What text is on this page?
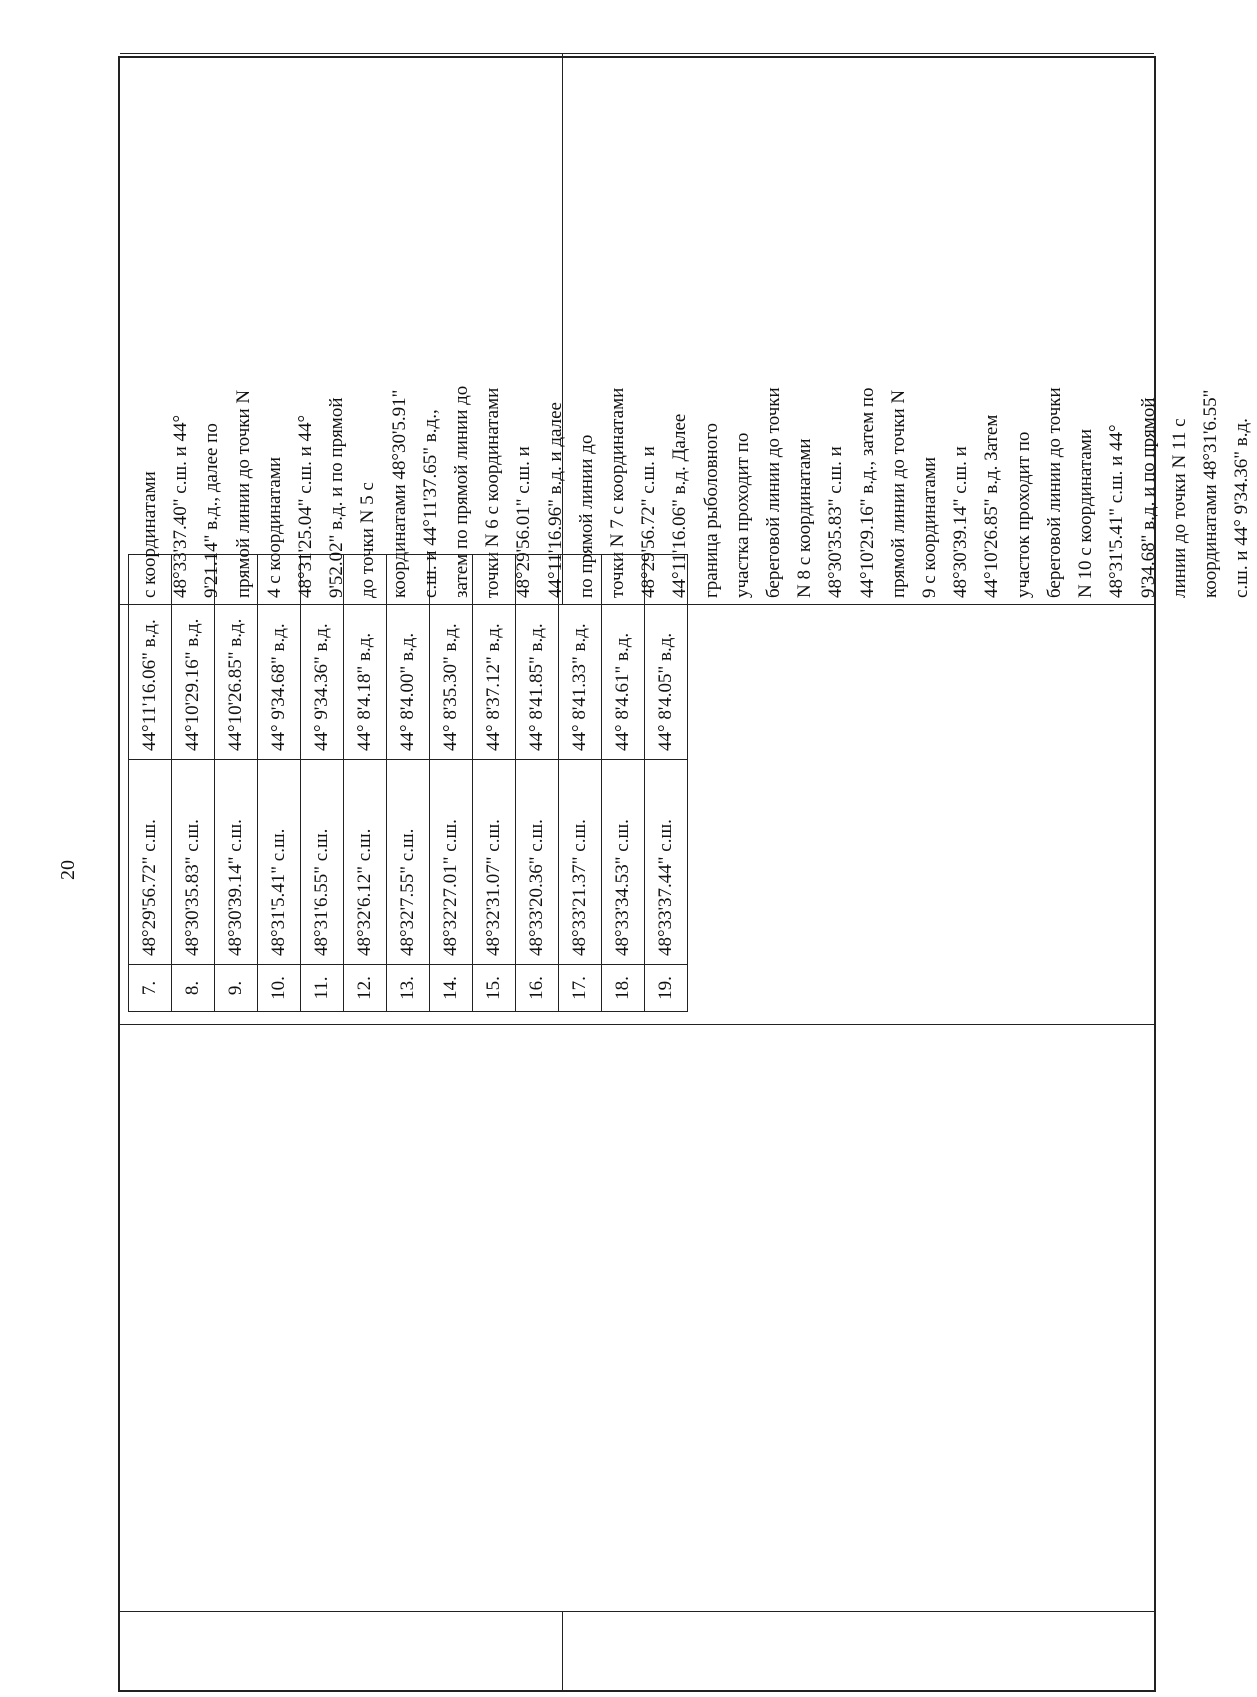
20
7.	48°29'56.72" с.ш.	44°11'16.06" в.д.
8.	48°30'35.83" с.ш.	44°10'29.16" в.д.
9.	48°30'39.14" с.ш.	44°10'26.85" в.д.
10.	48°31'5.41" с.ш.	44° 9'34.68" в.д.
11.	48°31'6.55" с.ш.	44° 9'34.36" в.д.
12.	48°32'6.12" с.ш.	44° 8'4.18" в.д.
13.	48°32'7.55" с.ш.	44° 8'4.00" в.д.
14.	48°32'27.01" с.ш.	44° 8'35.30" в.д.
15.	48°32'31.07" с.ш.	44° 8'37.12" в.д.
16.	48°33'20.36" с.ш.	44° 8'41.85" в.д.
17.	48°33'21.37" с.ш.	44° 8'41.33" в.д.
18.	48°33'34.53" с.ш.	44° 8'4.61" в.д.
19.	48°33'37.44" с.ш.	44° 8'4.05" в.д.
с координатами 48°33'37.40" с.ш. и 44° 9'21.14" в.д., далее по прямой линии до точки N 4 с координатами 48°31'25.04" с.ш. и 44° 9'52.02" в.д. и по прямой до точки N 5 с координатами 48°30'5.91" с.ш. и 44°11'37.65" в.д., затем по прямой линии до точки N 6 с координатами 48°29'56.01" с.ш. и 44°11'16.96" в.д. и далее по прямой линии до точки N 7 с координатами 48°29'56.72" с.ш. и 44°11'16.06" в.д. Далее граница рыболовного участка проходит по береговой линии до точки N 8 с координатами 48°30'35.83" с.ш. и 44°10'29.16" в.д., затем по прямой линии до точки N 9 с координатами 48°30'39.14" с.ш. и 44°10'26.85" в.д. Затем участок проходит по береговой линии до точки N 10 с координатами 48°31'5.41" с.ш. и 44° 9'34.68" в.д. и по прямой линии до точки N 11 с координатами 48°31'6.55" с.ш. и 44° 9'34.36" в.д.
